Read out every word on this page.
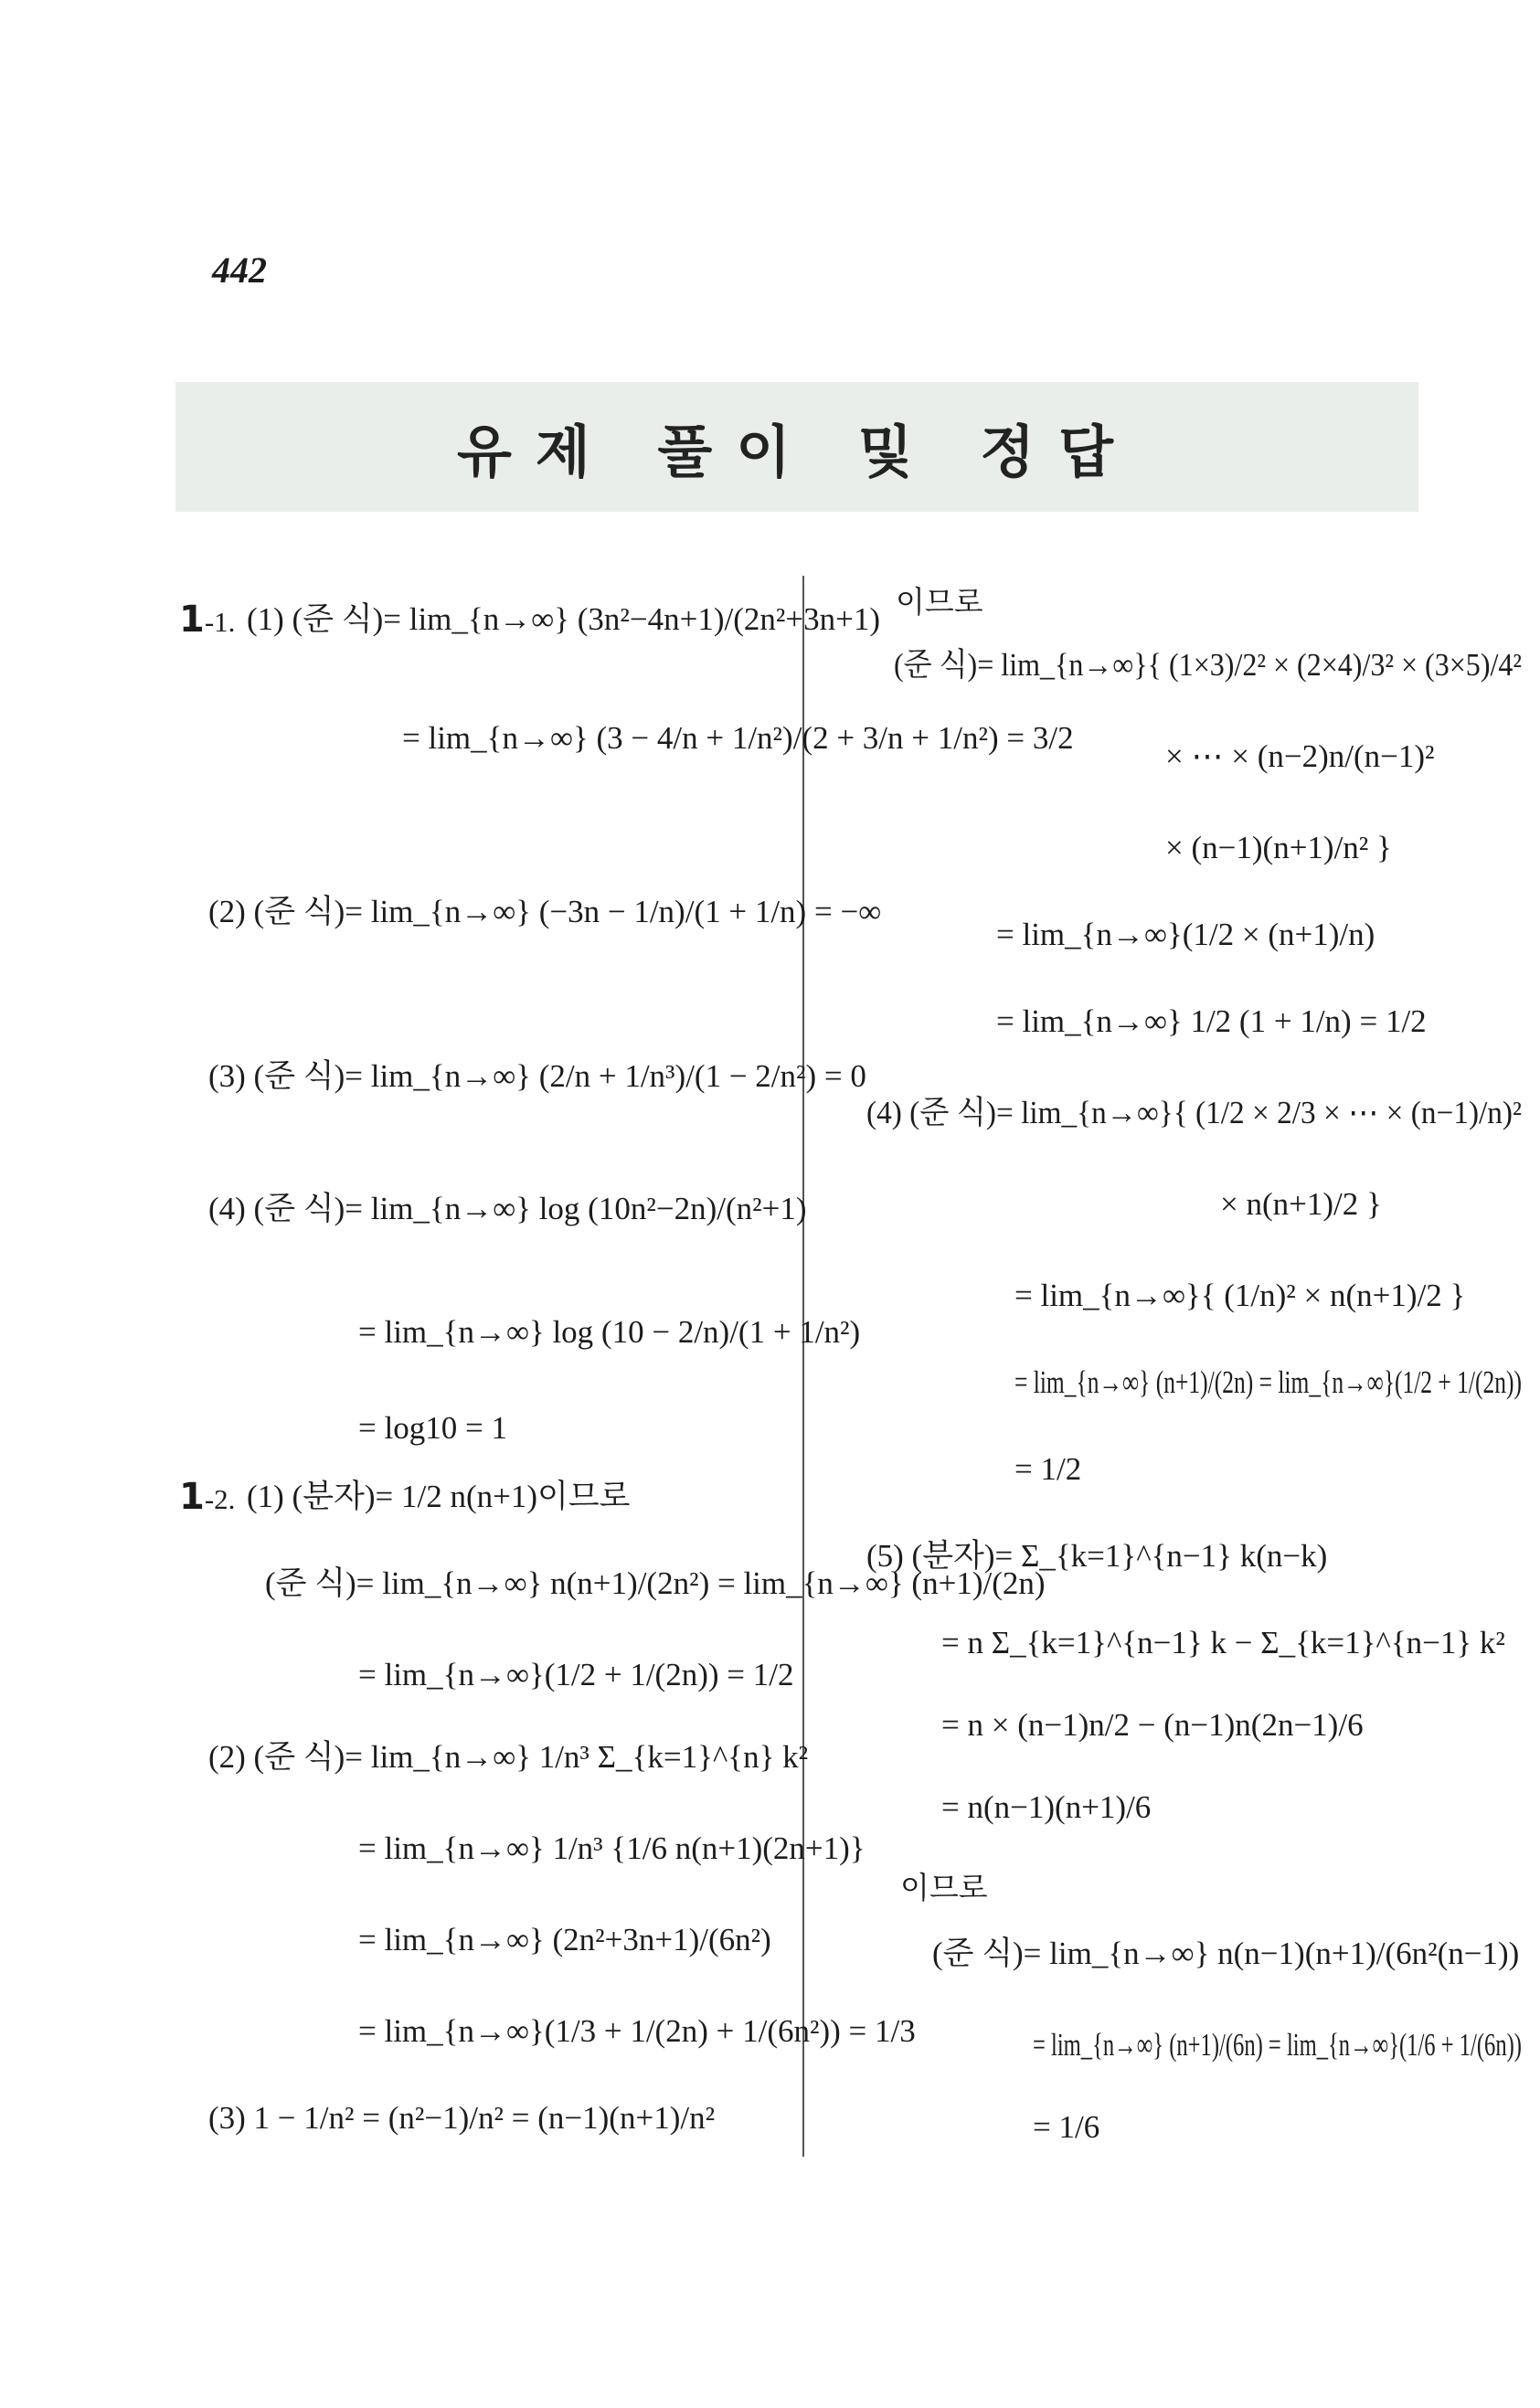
442
유제 풀이 및 정답
1-1. (1) (준 식)= lim_{n→∞} (3n²−4n+1)/(2n²+3n+1)
= lim_{n→∞} (3 − 4/n + 1/n²)/(2 + 3/n + 1/n²) = 3/2
(2) (준 식)= lim_{n→∞} (−3n − 1/n)/(1 + 1/n) = −∞
(3) (준 식)= lim_{n→∞} (2/n + 1/n³)/(1 − 2/n²) = 0
(4) (준 식)= lim_{n→∞} log (10n²−2n)/(n²+1)
= lim_{n→∞} log (10 − 2/n)/(1 + 1/n²)
= log10 = 1
1-2. (1) (분자)= 1/2 n(n+1)이므로
(준 식)= lim_{n→∞} n(n+1)/(2n²) = lim_{n→∞} (n+1)/(2n)
= lim_{n→∞}(1/2 + 1/(2n)) = 1/2
(2) (준 식)= lim_{n→∞} 1/n³ Σ_{k=1}^{n} k²
= lim_{n→∞} 1/n³ {1/6 n(n+1)(2n+1)}
= lim_{n→∞} (2n²+3n+1)/(6n²)
= lim_{n→∞}(1/3 + 1/(2n) + 1/(6n²)) = 1/3
(3) 1 − 1/n² = (n²−1)/n² = (n−1)(n+1)/n²
이므로
(준 식)= lim_{n→∞}{ (1×3)/2² × (2×4)/3² × (3×5)/4²
× ⋯ × (n−2)n/(n−1)²
× (n−1)(n+1)/n² }
= lim_{n→∞}(1/2 × (n+1)/n)
= lim_{n→∞} 1/2 (1 + 1/n) = 1/2
(4) (준 식)= lim_{n→∞}{ (1/2 × 2/3 × ⋯ × (n−1)/n)²
× n(n+1)/2 }
= lim_{n→∞}{ (1/n)² × n(n+1)/2 }
= lim_{n→∞} (n+1)/(2n) = lim_{n→∞}(1/2 + 1/(2n))
= 1/2
(5) (분자)= Σ_{k=1}^{n−1} k(n−k)
= n Σ_{k=1}^{n−1} k − Σ_{k=1}^{n−1} k²
= n × (n−1)n/2 − (n−1)n(2n−1)/6
= n(n−1)(n+1)/6
이므로
(준 식)= lim_{n→∞} n(n−1)(n+1)/(6n²(n−1))
= lim_{n→∞} (n+1)/(6n) = lim_{n→∞}(1/6 + 1/(6n))
= 1/6
